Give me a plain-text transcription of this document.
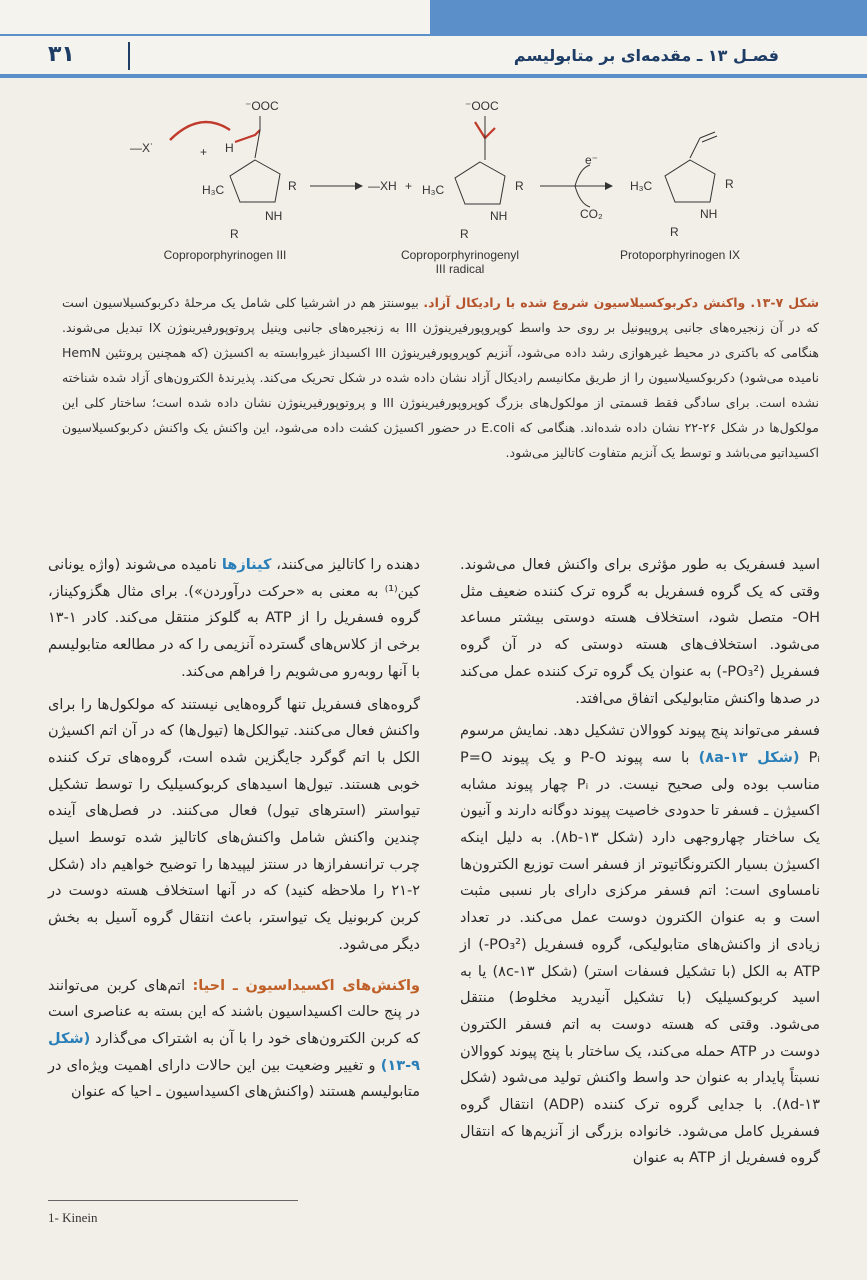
۳۱	فصـل ۱۳ ـ مقدمه‌ای بر متابولیسم
—X˙	+ H
⁻OOC
H₃C	R
NH
R
—XH +
⁻OOC
H₃C	R
NH
R
e⁻
CO₂
H₃C	R
NH
R
Coproporphyrinogen III	Coproporphyrinogenyl
III radical
Protoporphyrinogen IX
شکل ۷-۱۳. واکنش دکربوکسیلاسیون شروع شده با رادیکال آزاد. بیوسنتز هم در اشرشیا کلی شامل یک مرحلهٔ دکربوکسیلاسیون است که در آن زنجیره‌های جانبی پروپیونیل بر روی حد واسط کوپروپورفیرینوژن III به زنجیره‌های جانبی وینیل پروتوپورفیرینوژن IX تبدیل می‌شوند. هنگامی که باکتری در محیط غیرهوازی رشد داده می‌شود، آنزیم کوپروپورفیرینوژن III اکسیداز غیروابسته به اکسیژن (که همچنین پروتئین HemN نامیده می‌شود) دکربوکسیلاسیون را از طریق مکانیسم رادیکال آزاد نشان داده شده در شکل تحریک می‌کند. پذیرندهٔ الکترون‌های آزاد شده شناخته نشده است. برای سادگی فقط قسمتی از مولکول‌های بزرگ کوپروپورفیرینوژن III و پروتوپورفیرینوژن نشان داده شده است؛ ساختار کلی این مولکول‌ها در شکل ۲۶-۲۲ نشان داده شده‌اند. هنگامی که E.coli در حضور اکسیژن کشت داده می‌شود، این واکنش یک واکنش دکربوکسیلاسیون اکسیداتیو می‌باشد و توسط یک آنزیم متفاوت کاتالیز می‌شود.

اسید فسفریک به طور مؤثری برای واکنش فعال می‌شوند. وقتی که یک گروه فسفریل به گروه ترک کننده ضعیف مثل OH- متصل شود، استخلاف هسته دوستی بیشتر مساعد می‌شود. استخلاف‌های هسته دوستی که در آن گروه فسفریل (‎-PO₃²‎) به عنوان یک گروه ترک کننده عمل می‌کند در صدها واکنش متابولیکی اتفاق می‌افتد.

فسفر می‌تواند پنج پیوند کووالان تشکیل دهد. نمایش مرسوم Pᵢ (شکل ۸a-۱۳) با سه پیوند P-O و یک پیوند P=O مناسب بوده ولی صحیح نیست. در Pᵢ چهار پیوند مشابه اکسیژن ـ فسفر تا حدودی خاصیت پیوند دوگانه دارند و آنیون یک ساختار چهاروجهی دارد (شکل ۸b-۱۳). به دلیل اینکه اکسیژن بسیار الکترونگاتیوتر از فسفر است توزیع الکترون‌ها نامساوی است: اتم فسفر مرکزی دارای بار نسبی مثبت است و به عنوان الکترون دوست عمل می‌کند. در تعداد زیادی از واکنش‌های متابولیکی، گروه فسفریل (‎-PO₃²‎) از ATP به الکل (با تشکیل فسفات استر) (شکل ۸c-۱۳) یا به اسید کربوکسیلیک (با تشکیل آنیدرید مخلوط) منتقل می‌شود. وقتی که هسته دوست به اتم فسفر الکترون دوست در ATP حمله می‌کند، یک ساختار با پنج پیوند کووالان نسبتاً پایدار به عنوان حد واسط واکنش تولید می‌شود (شکل ۸d-۱۳). با جدایی گروه ترک کننده (ADP) انتقال گروه فسفریل کامل می‌شود. خانواده بزرگی از آنزیم‌ها که انتقال گروه فسفریل از ATP به عنوان

دهنده را کاتالیز می‌کنند، کینازها نامیده می‌شوند (واژه یونانی کین⁽¹⁾ به معنی به «حرکت درآوردن»). برای مثال هگزوکیناز، گروه فسفریل را از ATP به گلوکز منتقل می‌کند. کادر ۱-۱۳ برخی از کلاس‌های گسترده آنزیمی را که در مطالعه متابولیسم با آنها روبه‌رو می‌شویم را فراهم می‌کند.

گروه‌های فسفریل تنها گروه‌هایی نیستند که مولکول‌ها را برای واکنش فعال می‌کنند. تیوالکل‌ها (تیول‌ها) که در آن اتم اکسیژن الکل با اتم گوگرد جایگزین شده است، گروه‌های ترک کننده خوبی هستند. تیول‌ها اسیدهای کربوکسیلیک را توسط تشکیل تیواستر (استرهای تیول) فعال می‌کنند. در فصل‌های آینده چندین واکنش شامل واکنش‌های کاتالیز شده توسط اسیل چرب ترانسفرازها در سنتز لیپیدها را توضیح خواهیم داد (شکل ۲-۲۱ را ملاحظه کنید) که در آنها استخلاف هسته دوست در کربن کربونیل یک تیواستر، باعث انتقال گروه آسیل به بخش دیگر می‌شود.

واکنش‌های اکسیداسیون ـ احیا: اتم‌های کربن می‌توانند در پنج حالت اکسیداسیون باشند که این بسته به عناصری است که کربن الکترون‌های خود را با آن به اشتراک می‌گذارد (شکل ۹-۱۳) و تغییر وضعیت بین این حالات دارای اهمیت ویژه‌ای در متابولیسم هستند (واکنش‌های اکسیداسیون ـ احیا که عنوان

1- Kinein
